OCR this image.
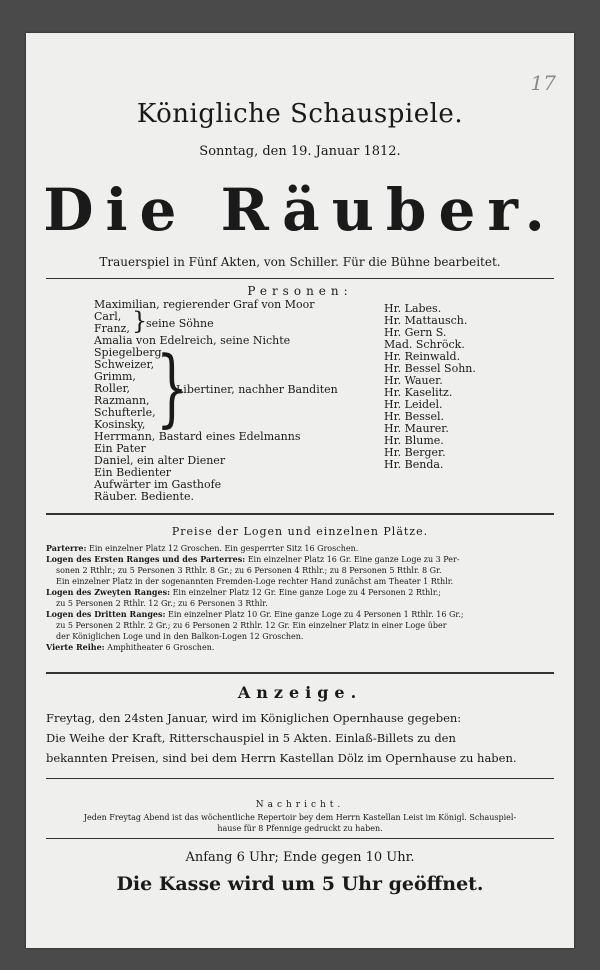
17
Königliche Schauspiele.
Sonntag, den 19. Januar 1812.
Die Räuber.
Trauerspiel in Fünf Akten, von Schiller. Für die Bühne bearbeitet.
Personen:
Maximilian, regierender Graf von Moor
Carl,
Franz,
Amalia von Edelreich, seine Nichte
Spiegelberg,
Schweizer,
Grimm,
Roller,
Razmann,
Schufterle,
Kosinsky,
Herrmann, Bastard eines Edelmanns
Ein Pater
Daniel, ein alter Diener
Ein Bedienter
Aufwärter im Gasthofe
Räuber. Bediente.
}
seine Söhne
}
Libertiner, nachher Banditen
Hr. Labes.
Hr. Mattausch.
Hr. Gern S.
Mad. Schröck.
Hr. Reinwald.
Hr. Bessel Sohn.
Hr. Wauer.
Hr. Kaselitz.
Hr. Leidel.
Hr. Bessel.
Hr. Maurer.
Hr. Blume.
Hr. Berger.
Hr. Benda.
Preise der Logen und einzelnen Plätze.
Parterre: Ein einzelner Platz 12 Groschen. Ein gesperrter Sitz 16 Groschen.
Logen des Ersten Ranges und des Parterres: Ein einzelner Platz 16 Gr. Eine ganze Loge zu 3 Per-
sonen 2 Rthlr.; zu 5 Personen 3 Rthlr. 8 Gr.; zu 6 Personen 4 Rthlr.; zu 8 Personen 5 Rthlr. 8 Gr.
Ein einzelner Platz in der sogenannten Fremden-Loge rechter Hand zunächst am Theater 1 Rthlr.
Logen des Zweyten Ranges: Ein einzelner Platz 12 Gr. Eine ganze Loge zu 4 Personen 2 Rthlr.;
zu 5 Personen 2 Rthlr. 12 Gr.; zu 6 Personen 3 Rthlr.
Logen des Dritten Ranges: Ein einzelner Platz 10 Gr. Eine ganze Loge zu 4 Personen 1 Rthlr. 16 Gr.;
zu 5 Personen 2 Rthlr. 2 Gr.; zu 6 Personen 2 Rthlr. 12 Gr. Ein einzelner Platz in einer Loge über
der Königlichen Loge und in den Balkon-Logen 12 Groschen.
Vierte Reihe: Amphitheater 6 Groschen.
Anzeige.
Freytag, den 24sten Januar, wird im Königlichen Opernhause gegeben:
Die Weihe der Kraft, Ritterschauspiel in 5 Akten. Einlaß-Billets zu den
bekannten Preisen, sind bei dem Herrn Kastellan Dölz im Opernhause zu haben.
Nachricht.
Jeden Freytag Abend ist das wöchentliche Repertoir bey dem Herrn Kastellan Leist im Königl. Schauspiel-
hause für 8 Pfennige gedruckt zu haben.
Anfang 6 Uhr; Ende gegen 10 Uhr.
Die Kasse wird um 5 Uhr geöffnet.
